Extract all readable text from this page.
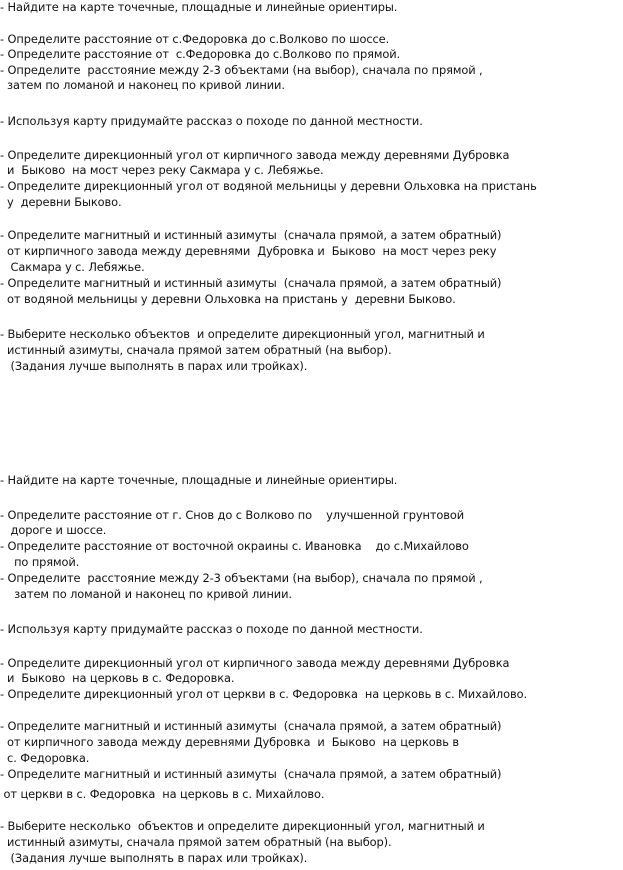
- Найдите на карте точечные, площадные и линейные ориентиры.
- Определите расстояние от с.Федоровка до с.Волково по шоссе.
- Определите расстояние от  с.Федоровка до с.Волково по прямой.
- Определите  расстояние между 2-3 объектами (на выбор), сначала по прямой ,
затем по ломаной и наконец по кривой линии.
- Используя карту придумайте рассказ о походе по данной местности.
- Определите дирекционный угол от кирпичного завода между деревнями Дубровка
и  Быково  на мост через реку Сакмара у с. Лебяжье.
- Определите дирекционный угол от водяной мельницы у деревни Ольховка на пристань
у  деревни Быково.
- Определите магнитный и истинный азимуты  (сначала прямой, а затем обратный)
от кирпичного завода между деревнями  Дубровка и  Быково  на мост через реку
Сакмара у с. Лебяжье.
- Определите магнитный и истинный азимуты  (сначала прямой, а затем обратный)
от водяной мельницы у деревни Ольховка на пристань у  деревни Быково.
- Выберите несколько объектов  и определите дирекционный угол, магнитный и
истинный азимуты, сначала прямой затем обратный (на выбор).
(Задания лучше выполнять в парах или тройках).
- Найдите на карте точечные, площадные и линейные ориентиры.
- Определите расстояние от г. Снов до с Волково по    улучшенной грунтовой
дороге и шоссе.
- Определите расстояние от восточной окраины с. Ивановка    до с.Михайлово
по прямой.
- Определите  расстояние между 2-3 объектами (на выбор), сначала по прямой ,
затем по ломаной и наконец по кривой линии.
- Используя карту придумайте рассказ о походе по данной местности.
- Определите дирекционный угол от кирпичного завода между деревнями Дубровка
и  Быково  на церковь в с. Федоровка.
- Определите дирекционный угол от церкви в с. Федоровка  на церковь в с. Михайлово.
- Определите магнитный и истинный азимуты  (сначала прямой, а затем обратный)
от кирпичного завода между деревнями Дубровка  и  Быково  на церковь в
с. Федоровка.
- Определите магнитный и истинный азимуты  (сначала прямой, а затем обратный)
от церкви в с. Федоровка  на церковь в с. Михайлово.
- Выберите несколько  объектов и определите дирекционный угол, магнитный и
истинный азимуты, сначала прямой затем обратный (на выбор).
(Задания лучше выполнять в парах или тройках).
